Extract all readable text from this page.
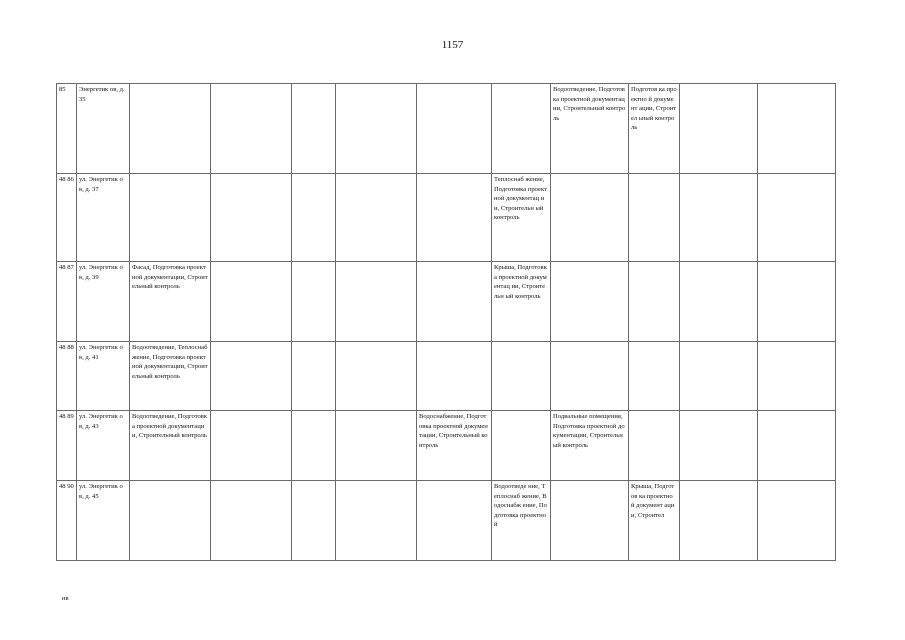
1157
85	Энергетик ов, д. 35							Водоотведение, Подготовка проектной документации, Строительный контроль	Подготов ка проектно й документ ации, Строител ьный контроль		
48 86	ул. Энергетик ов, д. 37						Теплоснаб жение, Подготовка проектной документац ии, Строительн ый контроль				
48 87	ул. Энергетик ов, д. 39	Фасад, Подготовка проектной документации, Строительный контроль					Крыша, Подготовка проектной документац ии, Строительн ый контроль				
48 88	ул. Энергетик ов, д. 41	Водоотведение, Теплоснабжение, Подготовка проектной документации, Строительный контроль									
48 89	ул. Энергетик ов, д. 43	Водоотведение, Подготовка проектной документации, Строительный контроль				Водоснабжение, Подготовка проектной документации, Строительный контроль		Подвальные помещения, Подготовка проектной документации, Строительный контроль			
48 90	ул. Энергетик ов, д. 45						Водоотведе ние, Теплоснаб жение, Водоснабж ение, Подготовка проектной		Крыша, Подготов ка проектно й документ ации, Строител		
нв
